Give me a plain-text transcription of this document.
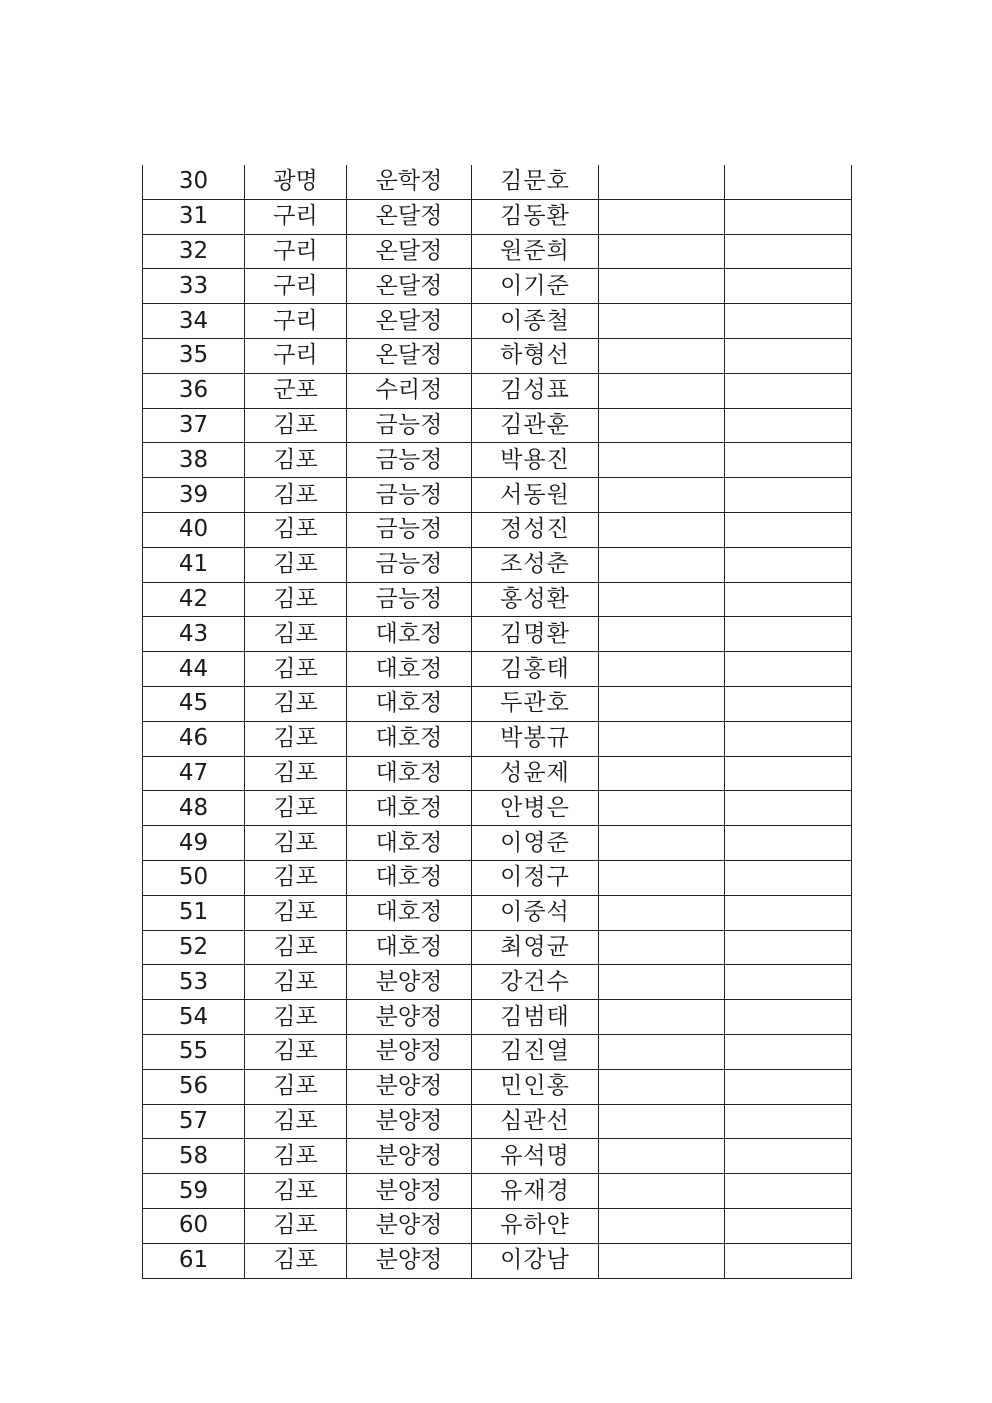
30	광명	운학정	김문호		
31	구리	온달정	김동환		
32	구리	온달정	원준희		
33	구리	온달정	이기준		
34	구리	온달정	이종철		
35	구리	온달정	하형선		
36	군포	수리정	김성표		
37	김포	금능정	김관훈		
38	김포	금능정	박용진		
39	김포	금능정	서동원		
40	김포	금능정	정성진		
41	김포	금능정	조성춘		
42	김포	금능정	홍성환		
43	김포	대호정	김명환		
44	김포	대호정	김홍태		
45	김포	대호정	두관호		
46	김포	대호정	박봉규		
47	김포	대호정	성윤제		
48	김포	대호정	안병은		
49	김포	대호정	이영준		
50	김포	대호정	이정구		
51	김포	대호정	이중석		
52	김포	대호정	최영균		
53	김포	분양정	강건수		
54	김포	분양정	김범태		
55	김포	분양정	김진열		
56	김포	분양정	민인홍		
57	김포	분양정	심관선		
58	김포	분양정	유석명		
59	김포	분양정	유재경		
60	김포	분양정	유하얀		
61	김포	분양정	이강남		
